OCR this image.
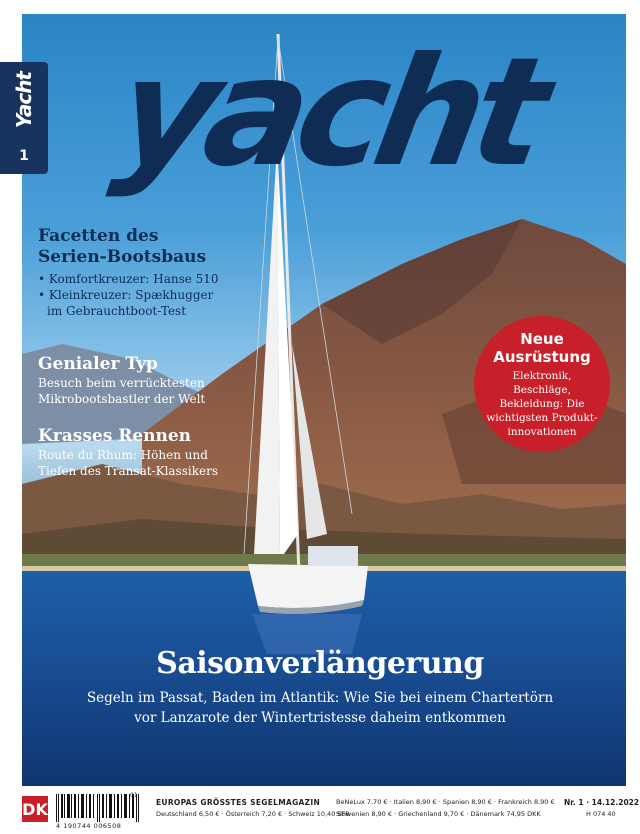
Yacht
1 yacht
Facetten des
Serien-Bootsbaus
• Komfortkreuzer: Hanse 510
• Kleinkreuzer: Spækhugger
im Gebrauchtboot-Test
Genialer Typ
Besuch beim verrücktesten
Mikrobootsbastler der Welt
Krasses Rennen
Route du Rhum: Höhen und
Tiefen des Transat-Klassikers
Neue
Ausrüstung
Elektronik, Beschläge,
Bekleidung: Die
wichtigsten Produkt-
innovationen
Saisonverlängerung
Segeln im Passat, Baden im Atlantik: Wie Sie bei einem Chartertörn
vor Lanzarote der Wintertristesse daheim entkommen
DK
01
4 190744 006508
EUROPAS GRÖSSTES SEGELMAGAZIN
Deutschland 6,50 € · Österreich 7,20 € · Schweiz 10,40 SFR
BeNeLux 7,70 € · Italien 8,90 € · Spanien 8,90 € · Frankreich 8,90 €
Slowenien 8,90 € · Griechenland 9,70 € · Dänemark 74,95 DKK
Nr. 1 · 14.12.2022
H 074 40
